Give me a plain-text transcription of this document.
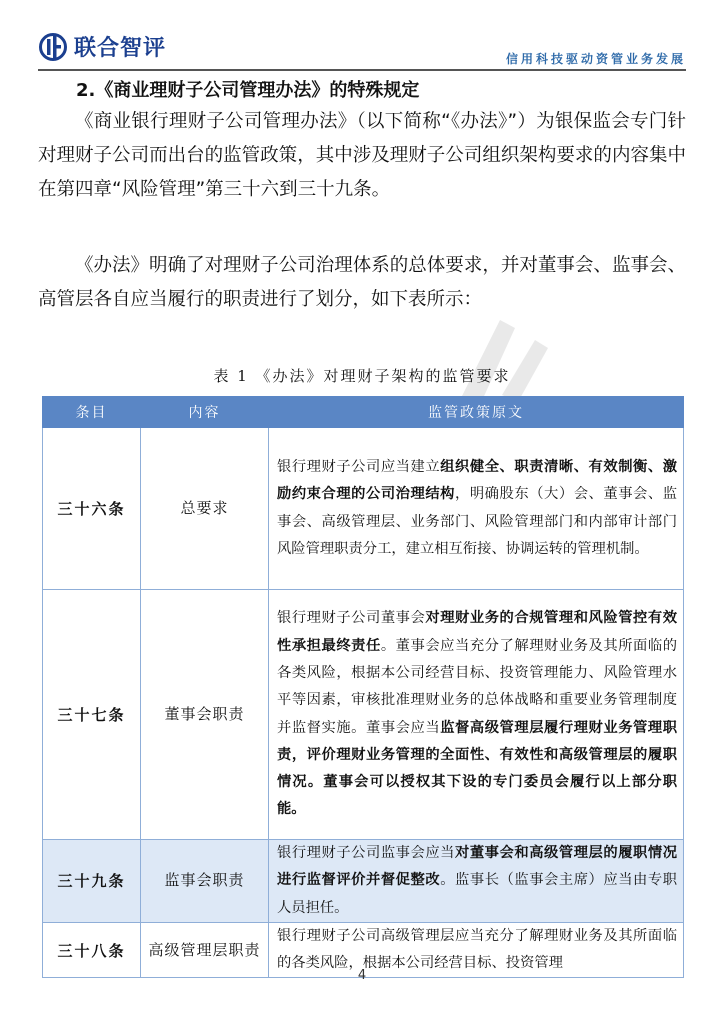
联合智评	信用科技驱动资管业务发展
2.《商业理财子公司管理办法》的特殊规定

《商业银行理财子公司管理办法》（以下简称“《办法》”）为银保监会专门针对理财子公司而出台的监管政策，其中涉及理财子公司组织架构要求的内容集中在第四章“风险管理”第三十六到三十九条。

《办法》明确了对理财子公司治理体系的总体要求，并对董事会、监事会、高管层各自应当履行的职责进行了划分，如下表所示：

表 1 《办法》对理财子架构的监管要求
条目	内容	监管政策原文
三十六条	总要求	银行理财子公司应当建立组织健全、职责清晰、有效制衡、激励约束合理的公司治理结构，明确股东（大）会、董事会、监事会、高级管理层、业务部门、风险管理部门和内部审计部门风险管理职责分工，建立相互衔接、协调运转的管理机制。
三十七条	董事会职责	银行理财子公司董事会对理财业务的合规管理和风险管控有效性承担最终责任。董事会应当充分了解理财业务及其所面临的各类风险，根据本公司经营目标、投资管理能力、风险管理水平等因素，审核批准理财业务的总体战略和重要业务管理制度并监督实施。董事会应当监督高级管理层履行理财业务管理职责，评价理财业务管理的全面性、有效性和高级管理层的履职情况。董事会可以授权其下设的专门委员会履行以上部分职能。
三十九条	监事会职责	银行理财子公司监事会应当对董事会和高级管理层的履职情况进行监督评价并督促整改。监事长（监事会主席）应当由专职人员担任。
三十八条	高级管理层职责	银行理财子公司高级管理层应当充分了解理财业务及其所面临的各类风险，根据本公司经营目标、投资管理
4
